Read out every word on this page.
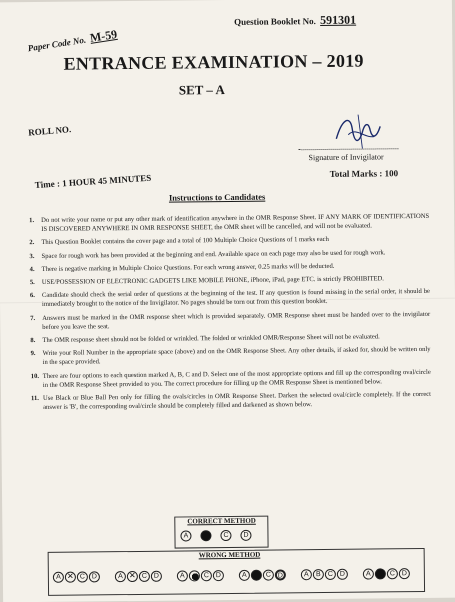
Paper Code No. M-59
Question Booklet No. 591301
ENTRANCE EXAMINATION – 2019
SET – A
ROLL NO.
Signature of Invigilator
Time : 1 HOUR 45 MINUTES	Total Marks : 100
Instructions to Candidates
1.	Do not write your name or put any other mark of identification anywhere in the OMR Response Sheet. IF ANY MARK OF IDENTIFICATIONS IS DISCOVERED ANYWHERE IN OMR RESPONSE SHEET, the OMR sheet will be cancelled, and will not be evaluated.
2.	This Question Booklet contains the cover page and a total of 100 Multiple Choice Questions of 1 marks each
3.	Space for rough work has been provided at the beginning and end. Available space on each page may also be used for rough work.
4.	There is negative marking in Multiple Choice Questions. For each wrong answer, 0.25 marks will be deducted.
5.	USE/POSSESSION OF ELECTRONIC GADGETS LIKE MOBILE PHONE, iPhone, iPad, page ETC. is strictly PROHIBITED.
6.	Candidate should check the serial order of questions at the beginning of the test. If any question is found missing in the serial order, it should be immediately brought to the notice of the Invigilator. No pages should be torn out from this question booklet.
7.	Answers must be marked in the OMR response sheet which is provided separately. OMR Response sheet must be handed over to the invigilator before you leave the seat.
8.	The OMR response sheet should not be folded or wrinkled. The folded or wrinkled OMR/Response Sheet will not be evaluated.
9.	Write your Roll Number in the appropriate space (above) and on the OMR Response Sheet. Any other details, if asked for, should be written only in the space provided.
10. There are four options to each question marked A, B, C and D. Select one of the most appropriate options and fill up the corresponding oval/circle in the OMR Response Sheet provided to you. The correct procedure for filling up the OMR Response Sheet is mentioned below.
11. Use Black or Blue Ball Pen only for filling the ovals/circles in OMR Response Sheet. Darken the selected oval/circle completely. If the correct answer is 'B', the corresponding oval/circle should be completely filled and darkened as shown below.
CORRECT METHOD
A	C	D
WRONG METHOD
A ✕	C D	A ✕	C D	A	C D	A	C D	A	B	C D	A	C D
